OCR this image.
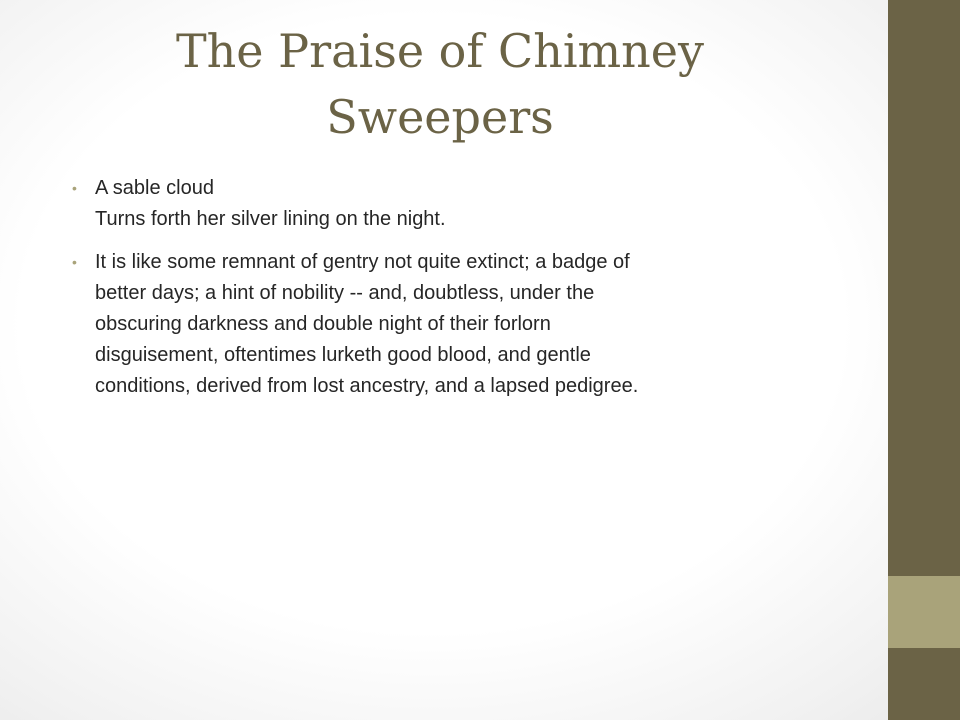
The Praise of Chimney
Sweepers
• A sable cloud
Turns forth her silver lining on the night.
• It is like some remnant of gentry not quite extinct; a badge of
better days; a hint of nobility -- and, doubtless, under the
obscuring darkness and double night of their forlorn
disguisement, oftentimes lurketh good blood, and gentle
conditions, derived from lost ancestry, and a lapsed pedigree.
